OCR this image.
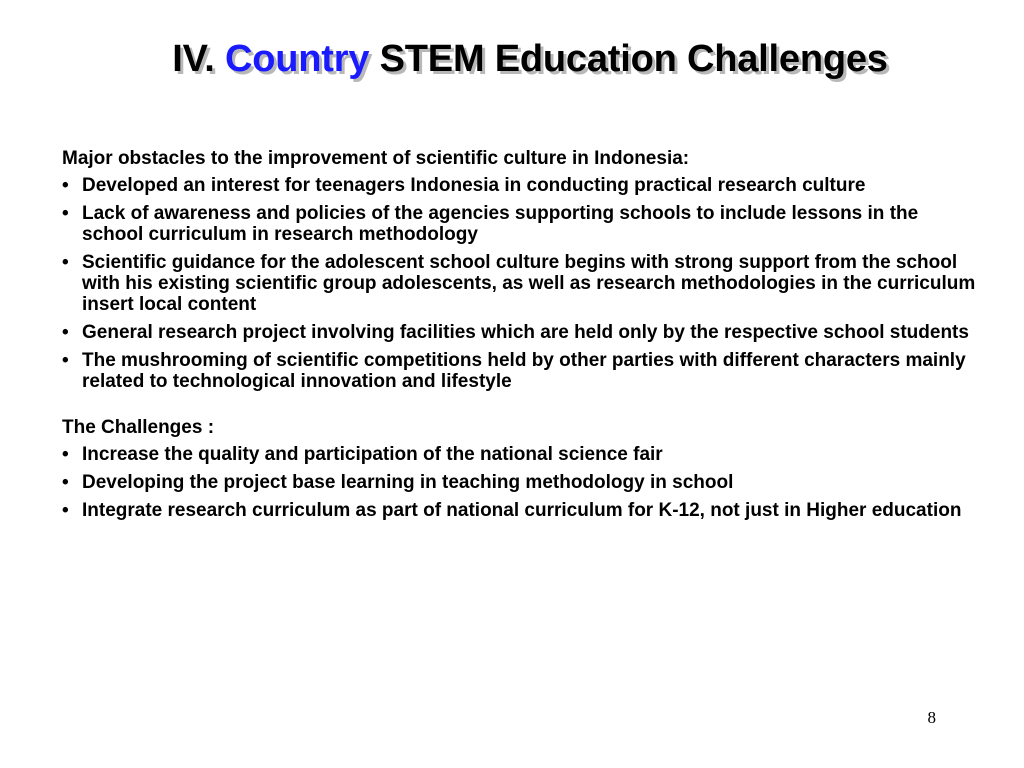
IV. Country STEM Education Challenges
Major obstacles to the improvement of scientific culture in Indonesia:
• Developed an interest for teenagers Indonesia in conducting practical research culture
• Lack of awareness and policies of the agencies supporting schools to include lessons in the school curriculum in research methodology
• Scientific guidance for the adolescent school culture begins with strong support from the school with his existing scientific group adolescents, as well as research methodologies in the curriculum insert local content
• General research project involving facilities which are held only by the respective school students
• The mushrooming of scientific competitions held by other parties with different characters mainly related to technological innovation and lifestyle
The Challenges :
• Increase the quality and participation of the national science fair
• Developing the project base learning in teaching methodology in school
• Integrate research curriculum as part of national curriculum for K-12, not just in Higher education
8
